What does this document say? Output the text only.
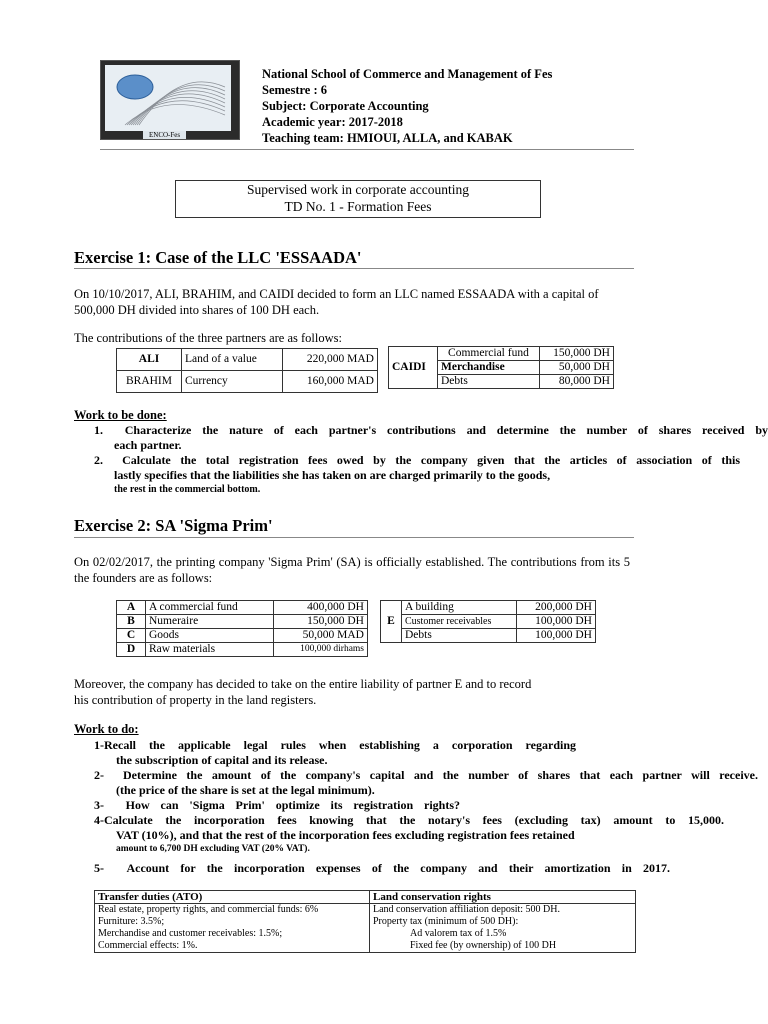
ENCO-Fes
National School of Commerce and Management of Fes
Semestre : 6
Subject: Corporate Accounting
Academic year: 2017-2018
Teaching team: HMIOUI, ALLA, and KABAK
Supervised work in corporate accounting
TD No. 1 - Formation Fees
Exercise 1: Case of the LLC 'ESSAADA'
On 10/10/2017, ALI, BRAHIM, and CAIDI decided to form an LLC named ESSAADA with a capital of
500,000 DH divided into shares of 100 DH each.
The contributions of the three partners are as follows:
ALI	Land of a value	220,000 MAD
BRAHIM	Currency	160,000 MAD
CAIDI	Commercial fund	150,000 DH
	Merchandise	50,000 DH
	Debts	80,000 DH
Work to be done:
1.  Characterize the nature of each partner's contributions and determine the number of shares received by
each partner.
2.  Calculate the total registration fees owed by the company given that the articles of association of this
lastly specifies that the liabilities she has taken on are charged primarily to the goods,
the rest in the commercial bottom.
Exercise 2: SA 'Sigma Prim'
On 02/02/2017, the printing company 'Sigma Prim' (SA) is officially established. The contributions from its 5
the founders are as follows:
A	A commercial fund	400,000 DH
B	Numeraire	150,000 DH
C	Goods	50,000 MAD
D	Raw materials	100,000 dirhams
E	A building	200,000 DH
	Customer receivables	100,000 DH
	Debts	100,000 DH
Moreover, the company has decided to take on the entire liability of partner E and to record
his contribution of property in the land registers.
Work to do:
1-Recall the applicable legal rules when establishing a corporation regarding
the subscription of capital and its release.
2-  Determine the amount of the company's capital and the number of shares that each partner will receive.
(the price of the share is set at the legal minimum).
3-  How can 'Sigma Prim' optimize its registration rights?
4-Calculate the incorporation fees knowing that the notary's fees (excluding tax) amount to 15,000.
VAT (10%), and that the rest of the incorporation fees excluding registration fees retained
amount to 6,700 DH excluding VAT (20% VAT).
5-  Account for the incorporation expenses of the company and their amortization in 2017.
Transfer duties (ATO)	Land conservation rights
Real estate, property rights, and commercial funds: 6%	Land conservation affiliation deposit: 500 DH.
Furniture: 3.5%;	Property tax (minimum of 500 DH):
Merchandise and customer receivables: 1.5%;	Ad valorem tax of 1.5%
Commercial effects: 1%.	Fixed fee (by ownership) of 100 DH
